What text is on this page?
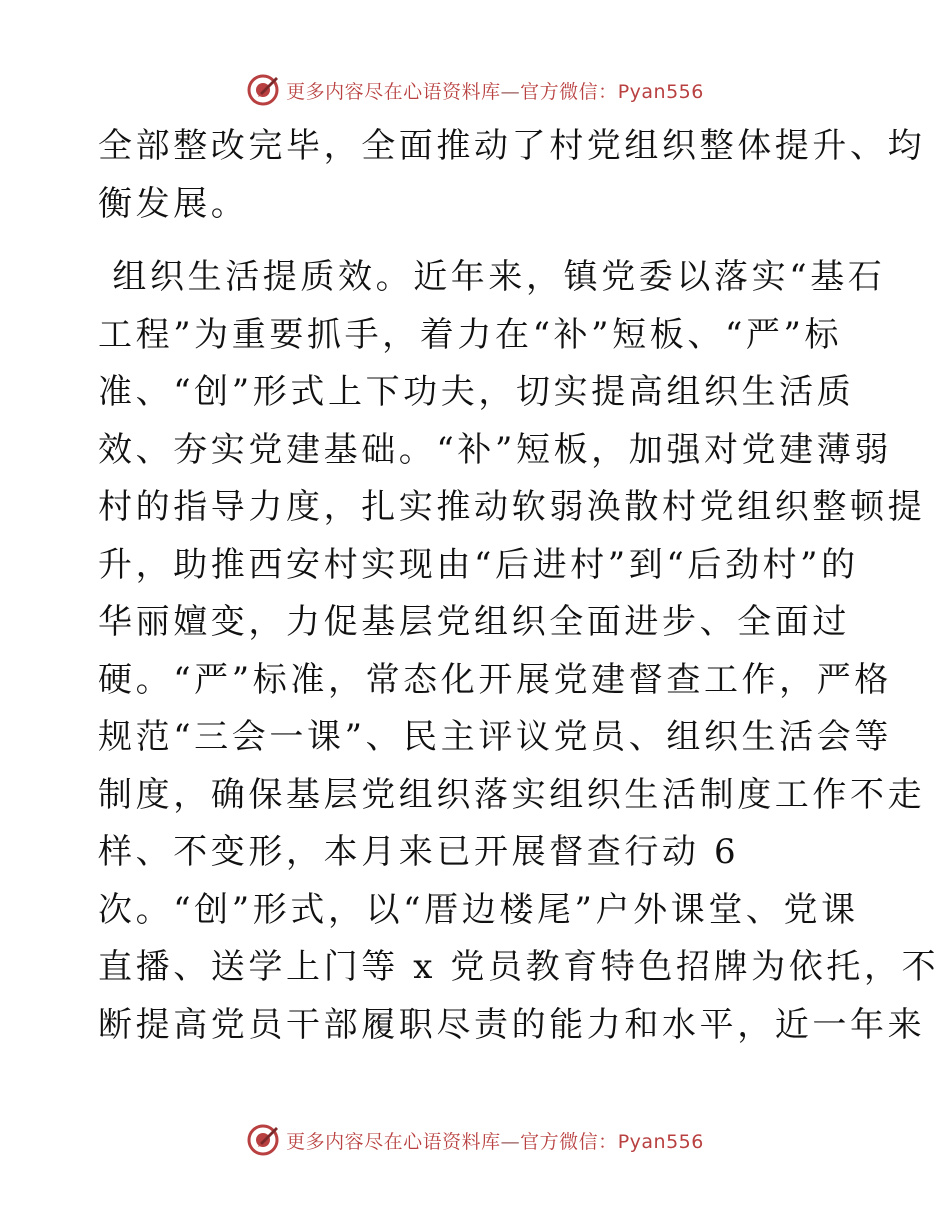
更多内容尽在心语资料库—官方微信：Pyan556

全部整改完毕，全面推动了村党组织整体提升、均
衡发展。

组织生活提质效。近年来，镇党委以落实“基石
工程”为重要抓手，着力在“补”短板、“严”标
准、“创”形式上下功夫，切实提高组织生活质
效、夯实党建基础。“补”短板，加强对党建薄弱
村的指导力度，扎实推动软弱涣散村党组织整顿提
升，助推西安村实现由“后进村”到“后劲村”的
华丽嬗变，力促基层党组织全面进步、全面过
硬。“严”标准，常态化开展党建督查工作，严格
规范“三会一课”、民主评议党员、组织生活会等
制度，确保基层党组织落实组织生活制度工作不走
样、不变形，本月来已开展督查行动 6
次。“创”形式，以“厝边楼尾”户外课堂、党课
直播、送学上门等 x 党员教育特色招牌为依托，不
断提高党员干部履职尽责的能力和水平，近一年来

更多内容尽在心语资料库—官方微信：Pyan556
